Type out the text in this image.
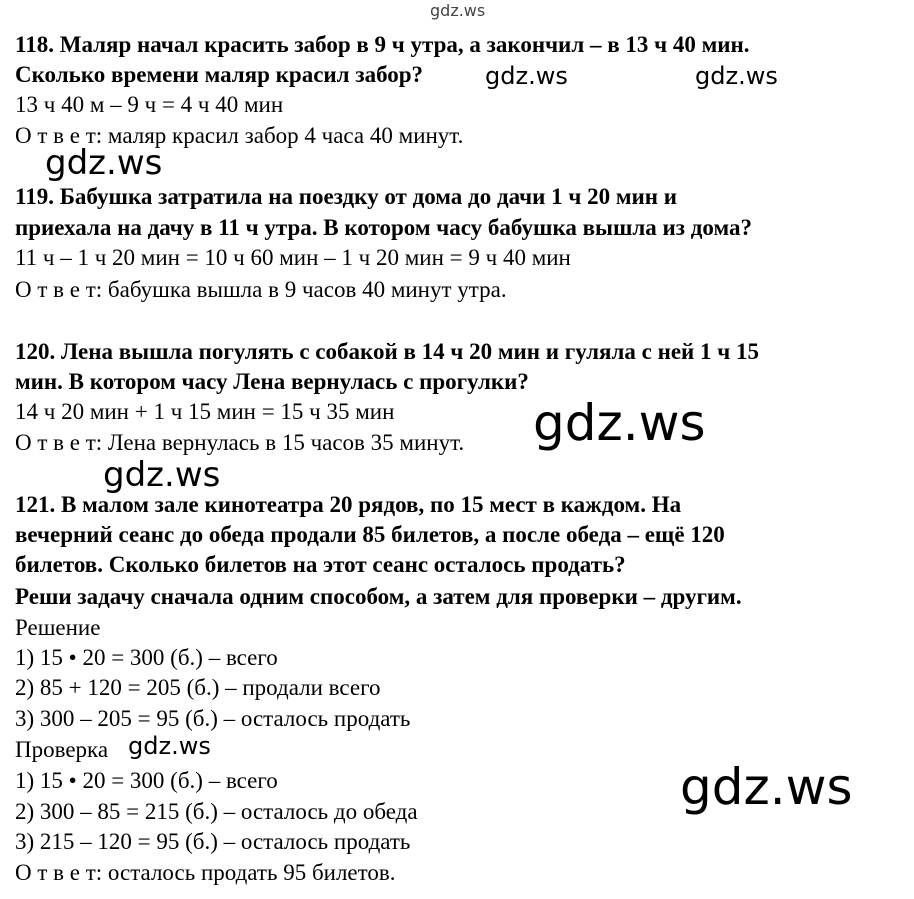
gdz.ws
118. Маляр начал красить забор в 9 ч утра, а закончил – в 13 ч 40 мин.
Сколько времени маляр красил забор?	gdz.ws	gdz.ws
13 ч 40 м – 9 ч = 4 ч 40 мин
О т в е т: маляр красил забор 4 часа 40 минут.
gdz.ws
119. Бабушка затратила на поездку от дома до дачи 1 ч 20 мин и
приехала на дачу в 11 ч утра. В котором часу бабушка вышла из дома?
11 ч – 1 ч 20 мин = 10 ч 60 мин – 1 ч 20 мин = 9 ч 40 мин
О т в е т: бабушка вышла в 9 часов 40 минут утра.
120. Лена вышла погулять с собакой в 14 ч 20 мин и гуляла с ней 1 ч 15
мин. В котором часу Лена вернулась с прогулки?
14 ч 20 мин + 1 ч 15 мин = 15 ч 35 мин
О т в е т: Лена вернулась в 15 часов 35 минут. gdz.ws
gdz.ws
121. В малом зале кинотеатра 20 рядов, по 15 мест в каждом. На
вечерний сеанс до обеда продали 85 билетов, а после обеда – ещё 120
билетов. Сколько билетов на этот сеанс осталось продать?
Реши задачу сначала одним способом, а затем для проверки – другим.
Решение
1) 15 • 20 = 300 (б.) – всего
2) 85 + 120 = 205 (б.) – продали всего
3) 300 – 205 = 95 (б.) – осталось продать
Проверка gdz.ws
1) 15 • 20 = 300 (б.) – всего
2) 300 – 85 = 215 (б.) – осталось до обеда
3) 215 – 120 = 95 (б.) – осталось продать
О т в е т: осталось продать 95 билетов.
gdz.ws
